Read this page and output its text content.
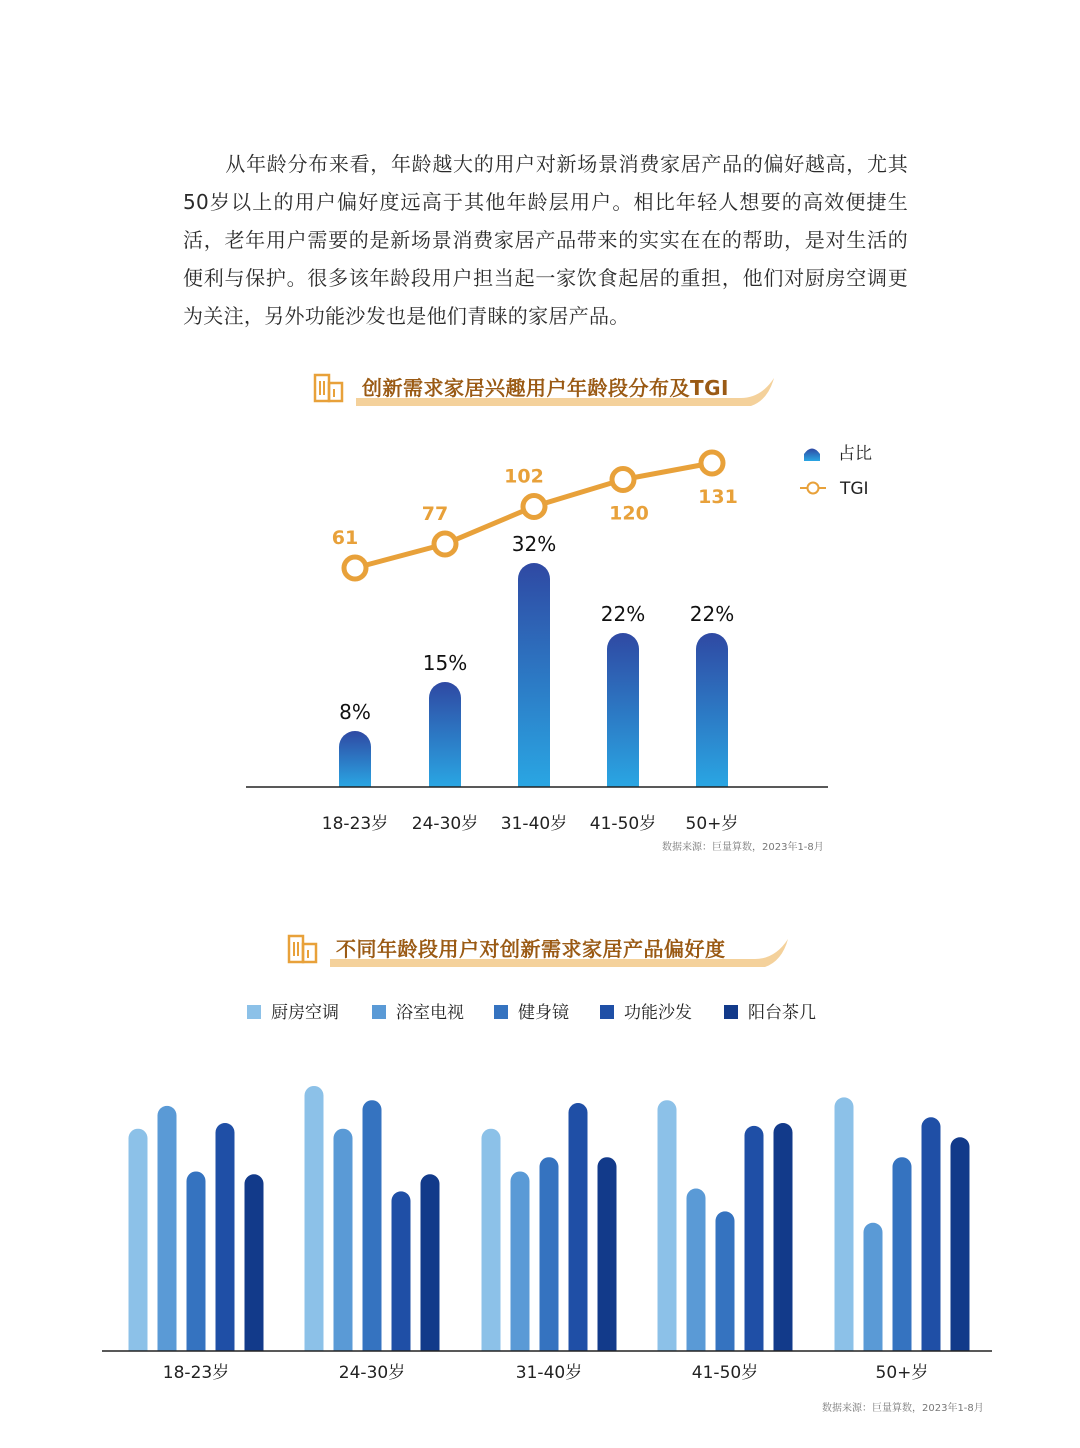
从年龄分布来看，年龄越大的用户对新场景消费家居产品的偏好越高，尤其50岁以上的用户偏好度远高于其他年龄层用户。相比年轻人想要的高效便捷生活，老年用户需要的是新场景消费家居产品带来的实实在在的帮助，是对生活的便利与保护。很多该年龄段用户担当起一家饮食起居的重担，他们对厨房空调更为关注，另外功能沙发也是他们青睐的家居产品。
创新需求家居兴趣用户年龄段分布及TGI
8%
15%
32%
22% 22%
61
77
102
120
131
18-23岁 24-30岁 31-40岁 41-50岁 50+岁
占比
TGI
数据来源：巨量算数，2023年1-8月
不同年龄段用户对创新需求家居产品偏好度
厨房空调	浴室电视	健身镜	功能沙发	阳台茶几
18-23岁	24-30岁	31-40岁	41-50岁	50+岁
数据来源：巨量算数，2023年1-8月
